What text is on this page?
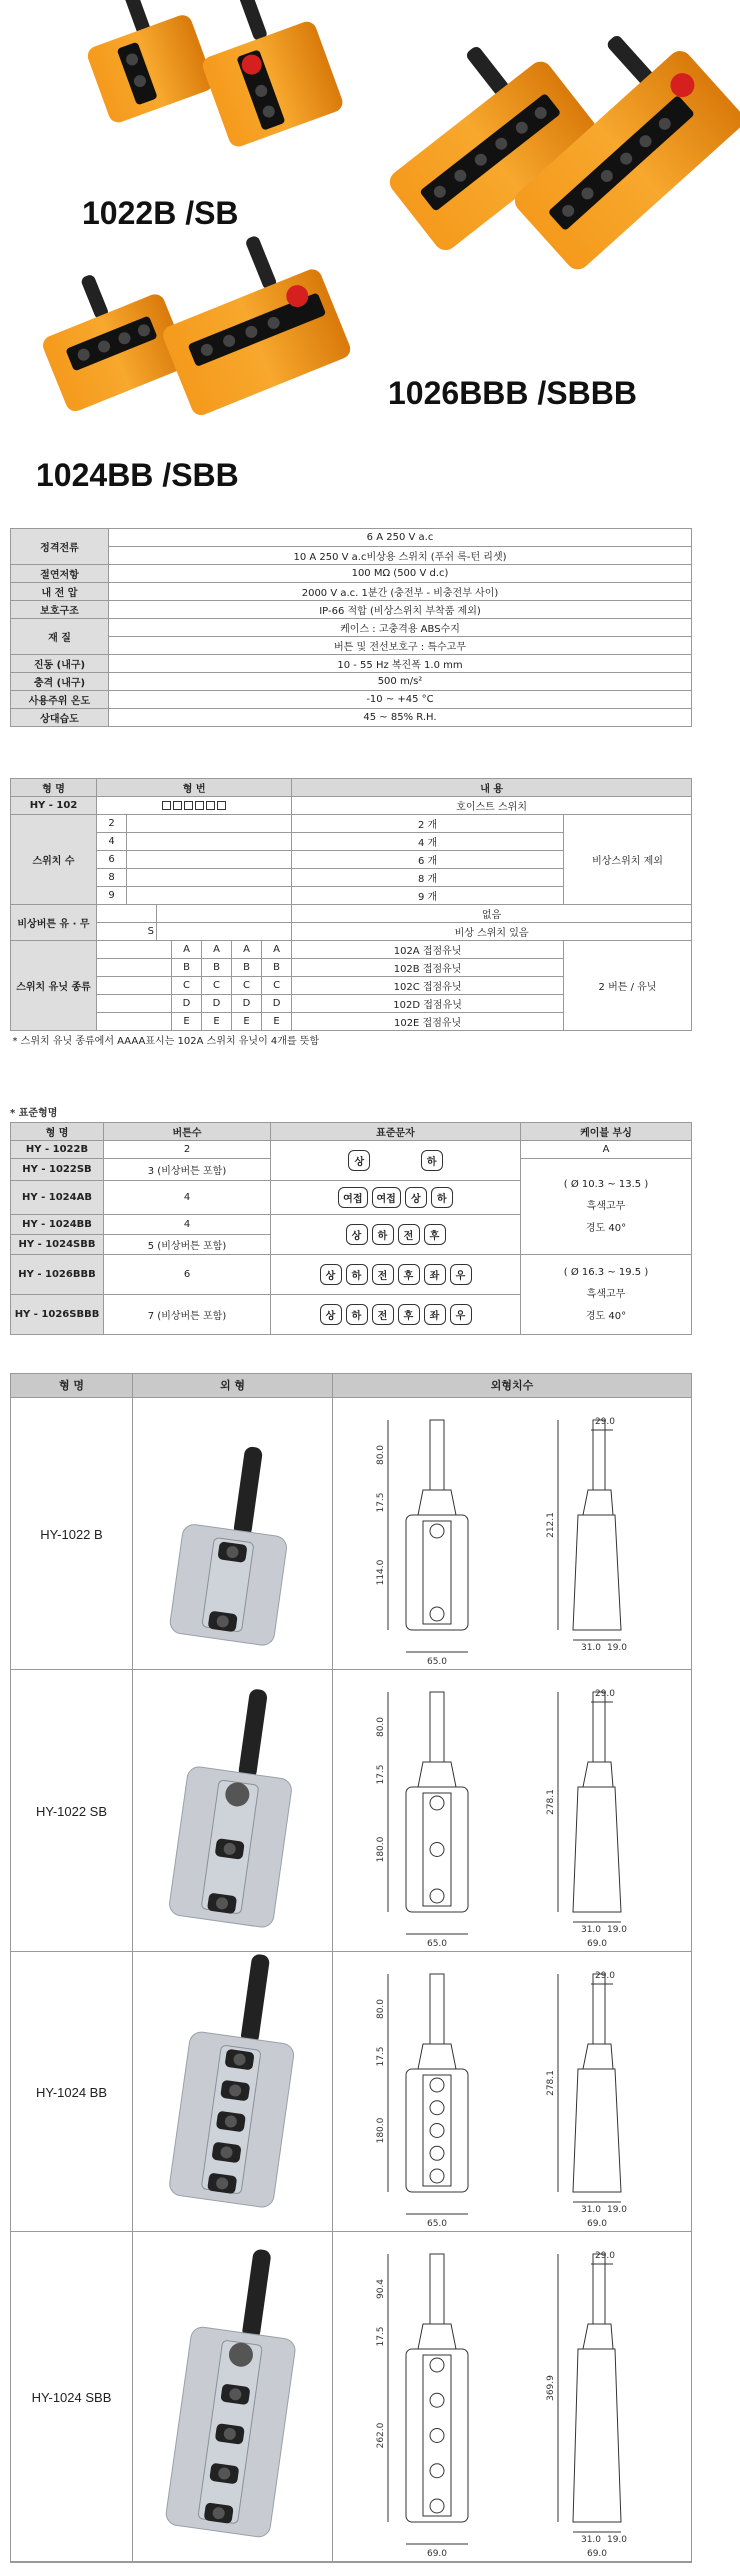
1022B /SB
1026BBB /SBBB
1024BB /SBB
정격전류	6 A 250 V a.c
	10 A 250 V a.c비상용 스위치 (푸쉬 록-턴 리셋)
절연저항	100 MΩ (500 V d.c)
내 전 압	2000 V a.c. 1분간 (충전부 - 비충전부 사이)
보호구조	IP-66 적합 (비상스위치 부착품 제외)
재 질	케이스 : 고충격용 ABS수지
	버튼 및 전선보호구 : 특수고무
진동 (내구)	10 - 55 Hz 복진폭 1.0 mm
충격 (내구)	500 m/s²
사용주위 온도	-10 ~ +45 °C
상대습도	45 ~ 85% R.H.
형 명	형 번							내 용	
HY - 102								호이스트 스위치	
스위치 수	2							2 개	비상스위치 제외
	4							4 개	
	6							6 개	
	8							8 개	
	9							9 개	
비상버튼 유 · 무								없음	
	S							비상 스위치 있음	
스위치 유닛 종류				A	A	A	A	102A 접점유닛	2 버튼 / 유닛
				B	B	B	B	102B 접점유닛	
				C	C	C	C	102C 접점유닛	
				D	D	D	D	102D 접점유닛	
				E	E	E	E	102E 접점유닛	
* 스위치 유닛 종류에서 AAAA표시는 102A 스위치 유닛이 4개를 뜻함									
* 표준형명
형 명	버튼수	표준문자	케이블 부싱
HY - 1022B	2	상 하	A
HY - 1022SB	3 (비상버튼 포함)		( Ø 10.3 ~ 13.5 )
흑색고무
경도 40°

HY - 1024AB	4	여접 여접 상 하	
HY - 1024BB	4	상 하 전 후	
HY - 1024SBB	5 (비상버튼 포함)		
HY - 1026BBB	6	상 하 전 후 좌 우	( Ø 16.3 ~ 19.5 )
흑색고무
경도 40°

HY - 1026SBBB	7 (비상버튼 포함)	상 하 전 후 좌 우	
형 명	외 형	외형치수
HY-1022 B
80.0
17.5
114.0
65.0
29.0
212.1
31.0 19.0
HY-1022 SB
80.0
17.5
180.0
65.0
29.0
278.1
31.0 19.0
69.0
HY-1024 BB
80.0
17.5
180.0
65.0
29.0
278.1
31.0 19.0
69.0
HY-1024 SBB
90.4
17.5
262.0
69.0
29.0
369.9
31.0 19.0
69.0
